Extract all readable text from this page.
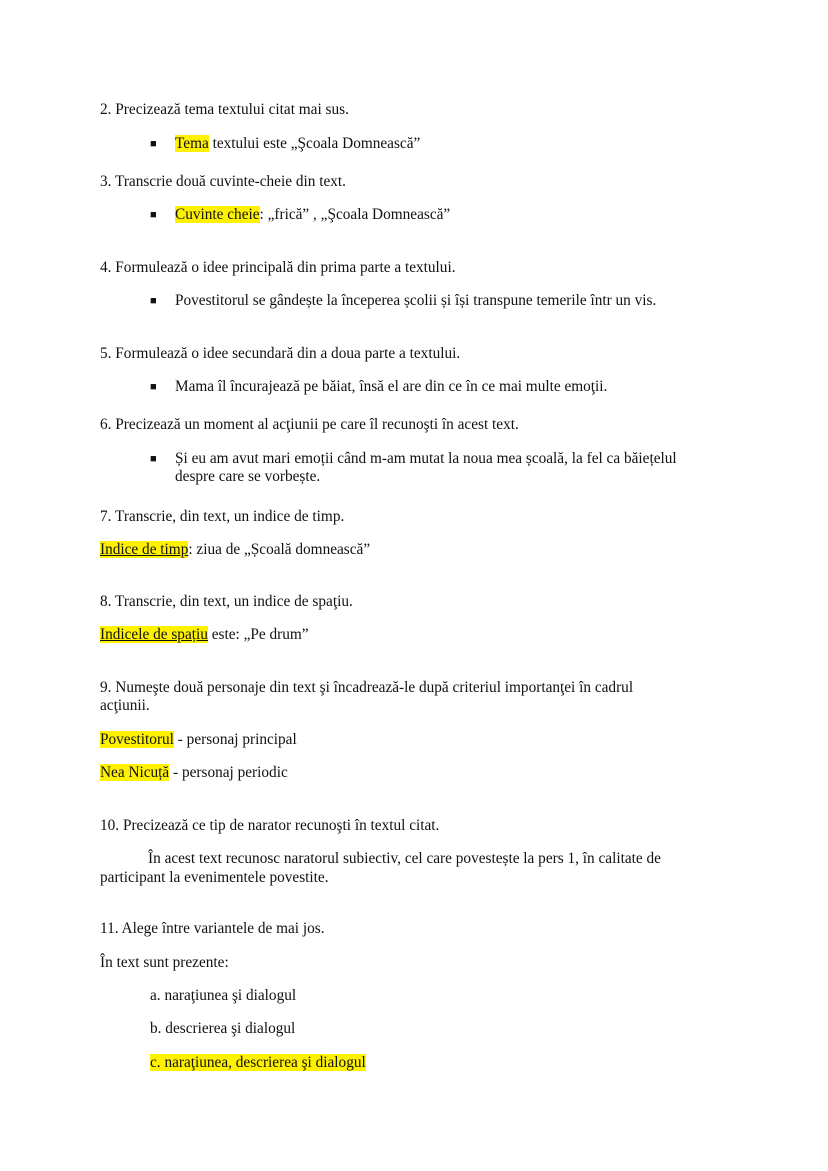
2. Precizează tema textului citat mai sus.
■ Tema textului este „Şcoala Domnească”
3. Transcrie două cuvinte-cheie din text.
■ Cuvinte cheie: „frică” , „Şcoala Domnească”
4. Formulează o idee principală din prima parte a textului.
■ Povestitorul se gândește la începerea școlii și își transpune temerile într un vis.
5. Formulează o idee secundară din a doua parte a textului.
■ Mama îl încurajează pe băiat, însă el are din ce în ce mai multe emoţii.
6. Precizează un moment al acţiunii pe care îl recunoşti în acest text.
■ Și eu am avut mari emoții când m-am mutat la noua mea școală, la fel ca băiețelul
despre care se vorbește.
7. Transcrie, din text, un indice de timp.
Indice de timp: ziua de „Școală domnească”
8. Transcrie, din text, un indice de spaţiu.
Indicele de spațiu este: „Pe drum”
9. Numeşte două personaje din text şi încadrează-le după criteriul importanţei în cadrul
acţiunii.
Povestitorul - personaj principal
Nea Nicuță - personaj periodic
10. Precizează ce tip de narator recunoşti în textul citat.
În acest text recunosc naratorul subiectiv, cel care povestește la pers 1, în calitate de
participant la evenimentele povestite.
11. Alege între variantele de mai jos.
În text sunt prezente:
a. naraţiunea şi dialogul
b. descrierea şi dialogul
c. naraţiunea, descrierea şi dialogul
